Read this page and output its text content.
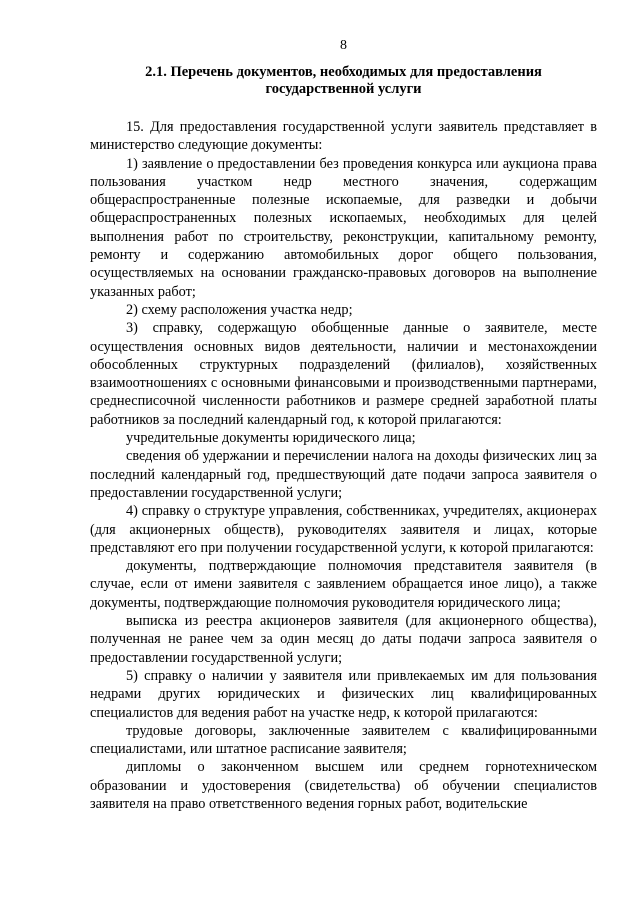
8
2.1. Перечень документов, необходимых для предоставления
государственной услуги

15. Для предоставления государственной услуги заявитель представляет в министерство следующие документы:

1) заявление о предоставлении без проведения конкурса или аукциона права пользования участком недр местного значения, содержащим общераспространенные полезные ископаемые, для разведки и добычи общераспространенных полезных ископаемых, необходимых для целей выполнения работ по строительству, реконструкции, капитальному ремонту, ремонту и содержанию автомобильных дорог общего пользования, осуществляемых на основании гражданско-правовых договоров на выполнение указанных работ;

2) схему расположения участка недр;

3) справку, содержащую обобщенные данные о заявителе, месте осуществления основных видов деятельности, наличии и местонахождении обособленных структурных подразделений (филиалов), хозяйственных взаимоотношениях с основными финансовыми и производственными партнерами, среднесписочной численности работников и размере средней заработной платы работников за последний календарный год, к которой прилагаются:

учредительные документы юридического лица;

сведения об удержании и перечислении налога на доходы физических лиц за последний календарный год, предшествующий дате подачи запроса заявителя о предоставлении государственной услуги;

4) справку о структуре управления, собственниках, учредителях, акционерах (для акционерных обществ), руководителях заявителя и лицах, которые представляют его при получении государственной услуги, к которой прилагаются:

документы, подтверждающие полномочия представителя заявителя (в случае, если от имени заявителя с заявлением обращается иное лицо), а также документы, подтверждающие полномочия руководителя юридического лица;

выписка из реестра акционеров заявителя (для акционерного общества), полученная не ранее чем за один месяц до даты подачи запроса заявителя о предоставлении государственной услуги;

5) справку о наличии у заявителя или привлекаемых им для пользования недрами других юридических и физических лиц квалифицированных специалистов для ведения работ на участке недр, к которой прилагаются:

трудовые договоры, заключенные заявителем с квалифицированными специалистами, или штатное расписание заявителя;

дипломы о законченном высшем или среднем горнотехническом образовании и удостоверения (свидетельства) об обучении специалистов заявителя на право ответственного ведения горных работ, водительские
